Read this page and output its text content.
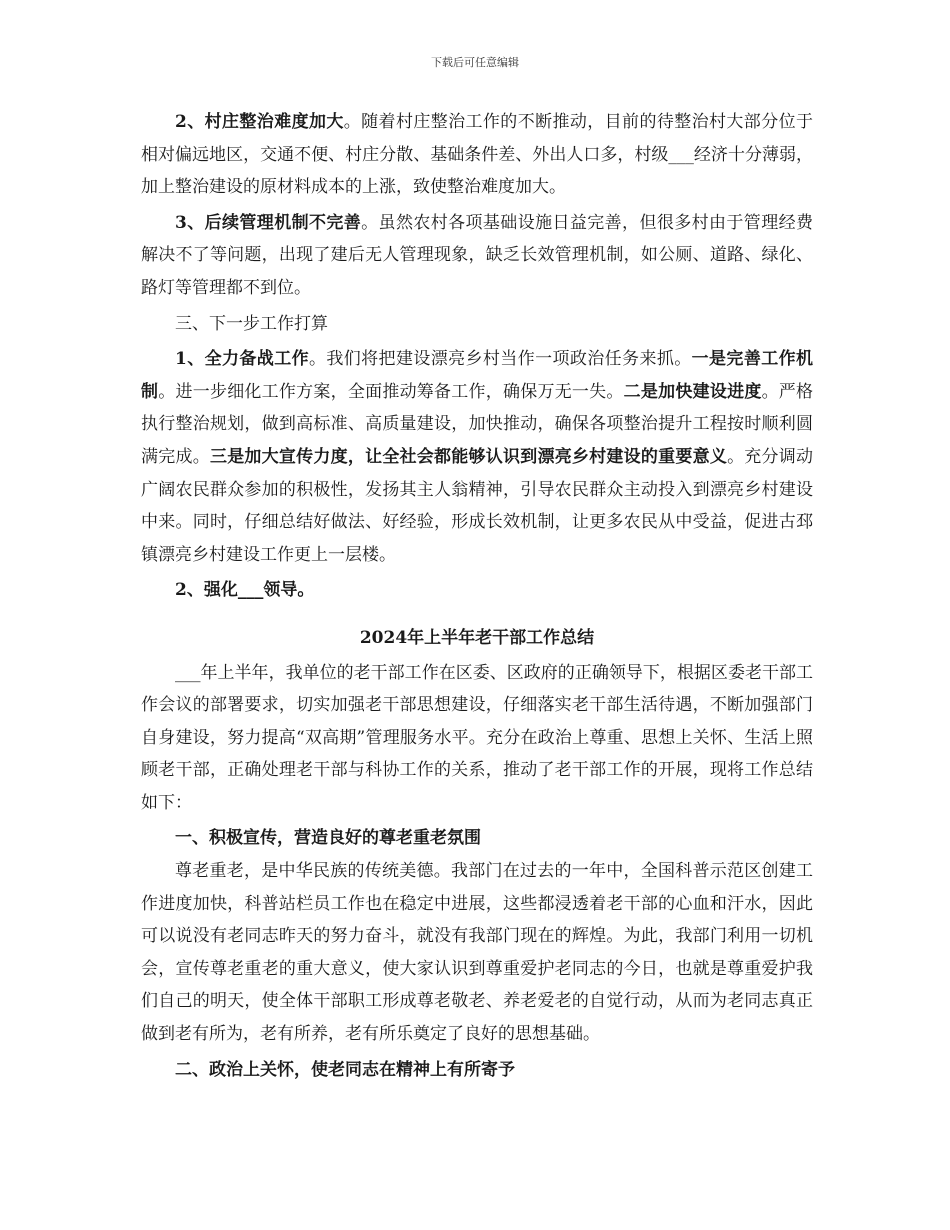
下载后可任意编辑

2、村庄整治难度加大。随着村庄整治工作的不断推动，目前的待整治村大部分位于相对偏远地区，交通不便、村庄分散、基础条件差、外出人口多，村级___经济十分薄弱，加上整治建设的原材料成本的上涨，致使整治难度加大。

3、后续管理机制不完善。虽然农村各项基础设施日益完善，但很多村由于管理经费解决不了等问题，出现了建后无人管理现象，缺乏长效管理机制，如公厕、道路、绿化、路灯等管理都不到位。

三、下一步工作打算

1、全力备战工作。我们将把建设漂亮乡村当作一项政治任务来抓。一是完善工作机制。进一步细化工作方案，全面推动筹备工作，确保万无一失。二是加快建设进度。严格执行整治规划，做到高标准、高质量建设，加快推动，确保各项整治提升工程按时顺利圆满完成。三是加大宣传力度，让全社会都能够认识到漂亮乡村建设的重要意义。充分调动广阔农民群众参加的积极性，发扬其主人翁精神，引导农民群众主动投入到漂亮乡村建设中来。同时，仔细总结好做法、好经验，形成长效机制，让更多农民从中受益，促进古邳镇漂亮乡村建设工作更上一层楼。

2、强化___领导。

2024年上半年老干部工作总结

___年上半年，我单位的老干部工作在区委、区政府的正确领导下，根据区委老干部工作会议的部署要求，切实加强老干部思想建设，仔细落实老干部生活待遇，不断加强部门自身建设，努力提高“双高期”管理服务水平。充分在政治上尊重、思想上关怀、生活上照顾老干部，正确处理老干部与科协工作的关系，推动了老干部工作的开展，现将工作总结如下：

一、积极宣传，营造良好的尊老重老氛围

尊老重老，是中华民族的传统美德。我部门在过去的一年中，全国科普示范区创建工作进度加快，科普站栏员工作也在稳定中进展，这些都浸透着老干部的心血和汗水，因此可以说没有老同志昨天的努力奋斗，就没有我部门现在的辉煌。为此，我部门利用一切机会，宣传尊老重老的重大意义，使大家认识到尊重爱护老同志的今日，也就是尊重爱护我们自己的明天，使全体干部职工形成尊老敬老、养老爱老的自觉行动，从而为老同志真正做到老有所为，老有所养，老有所乐奠定了良好的思想基础。

二、政治上关怀，使老同志在精神上有所寄予
